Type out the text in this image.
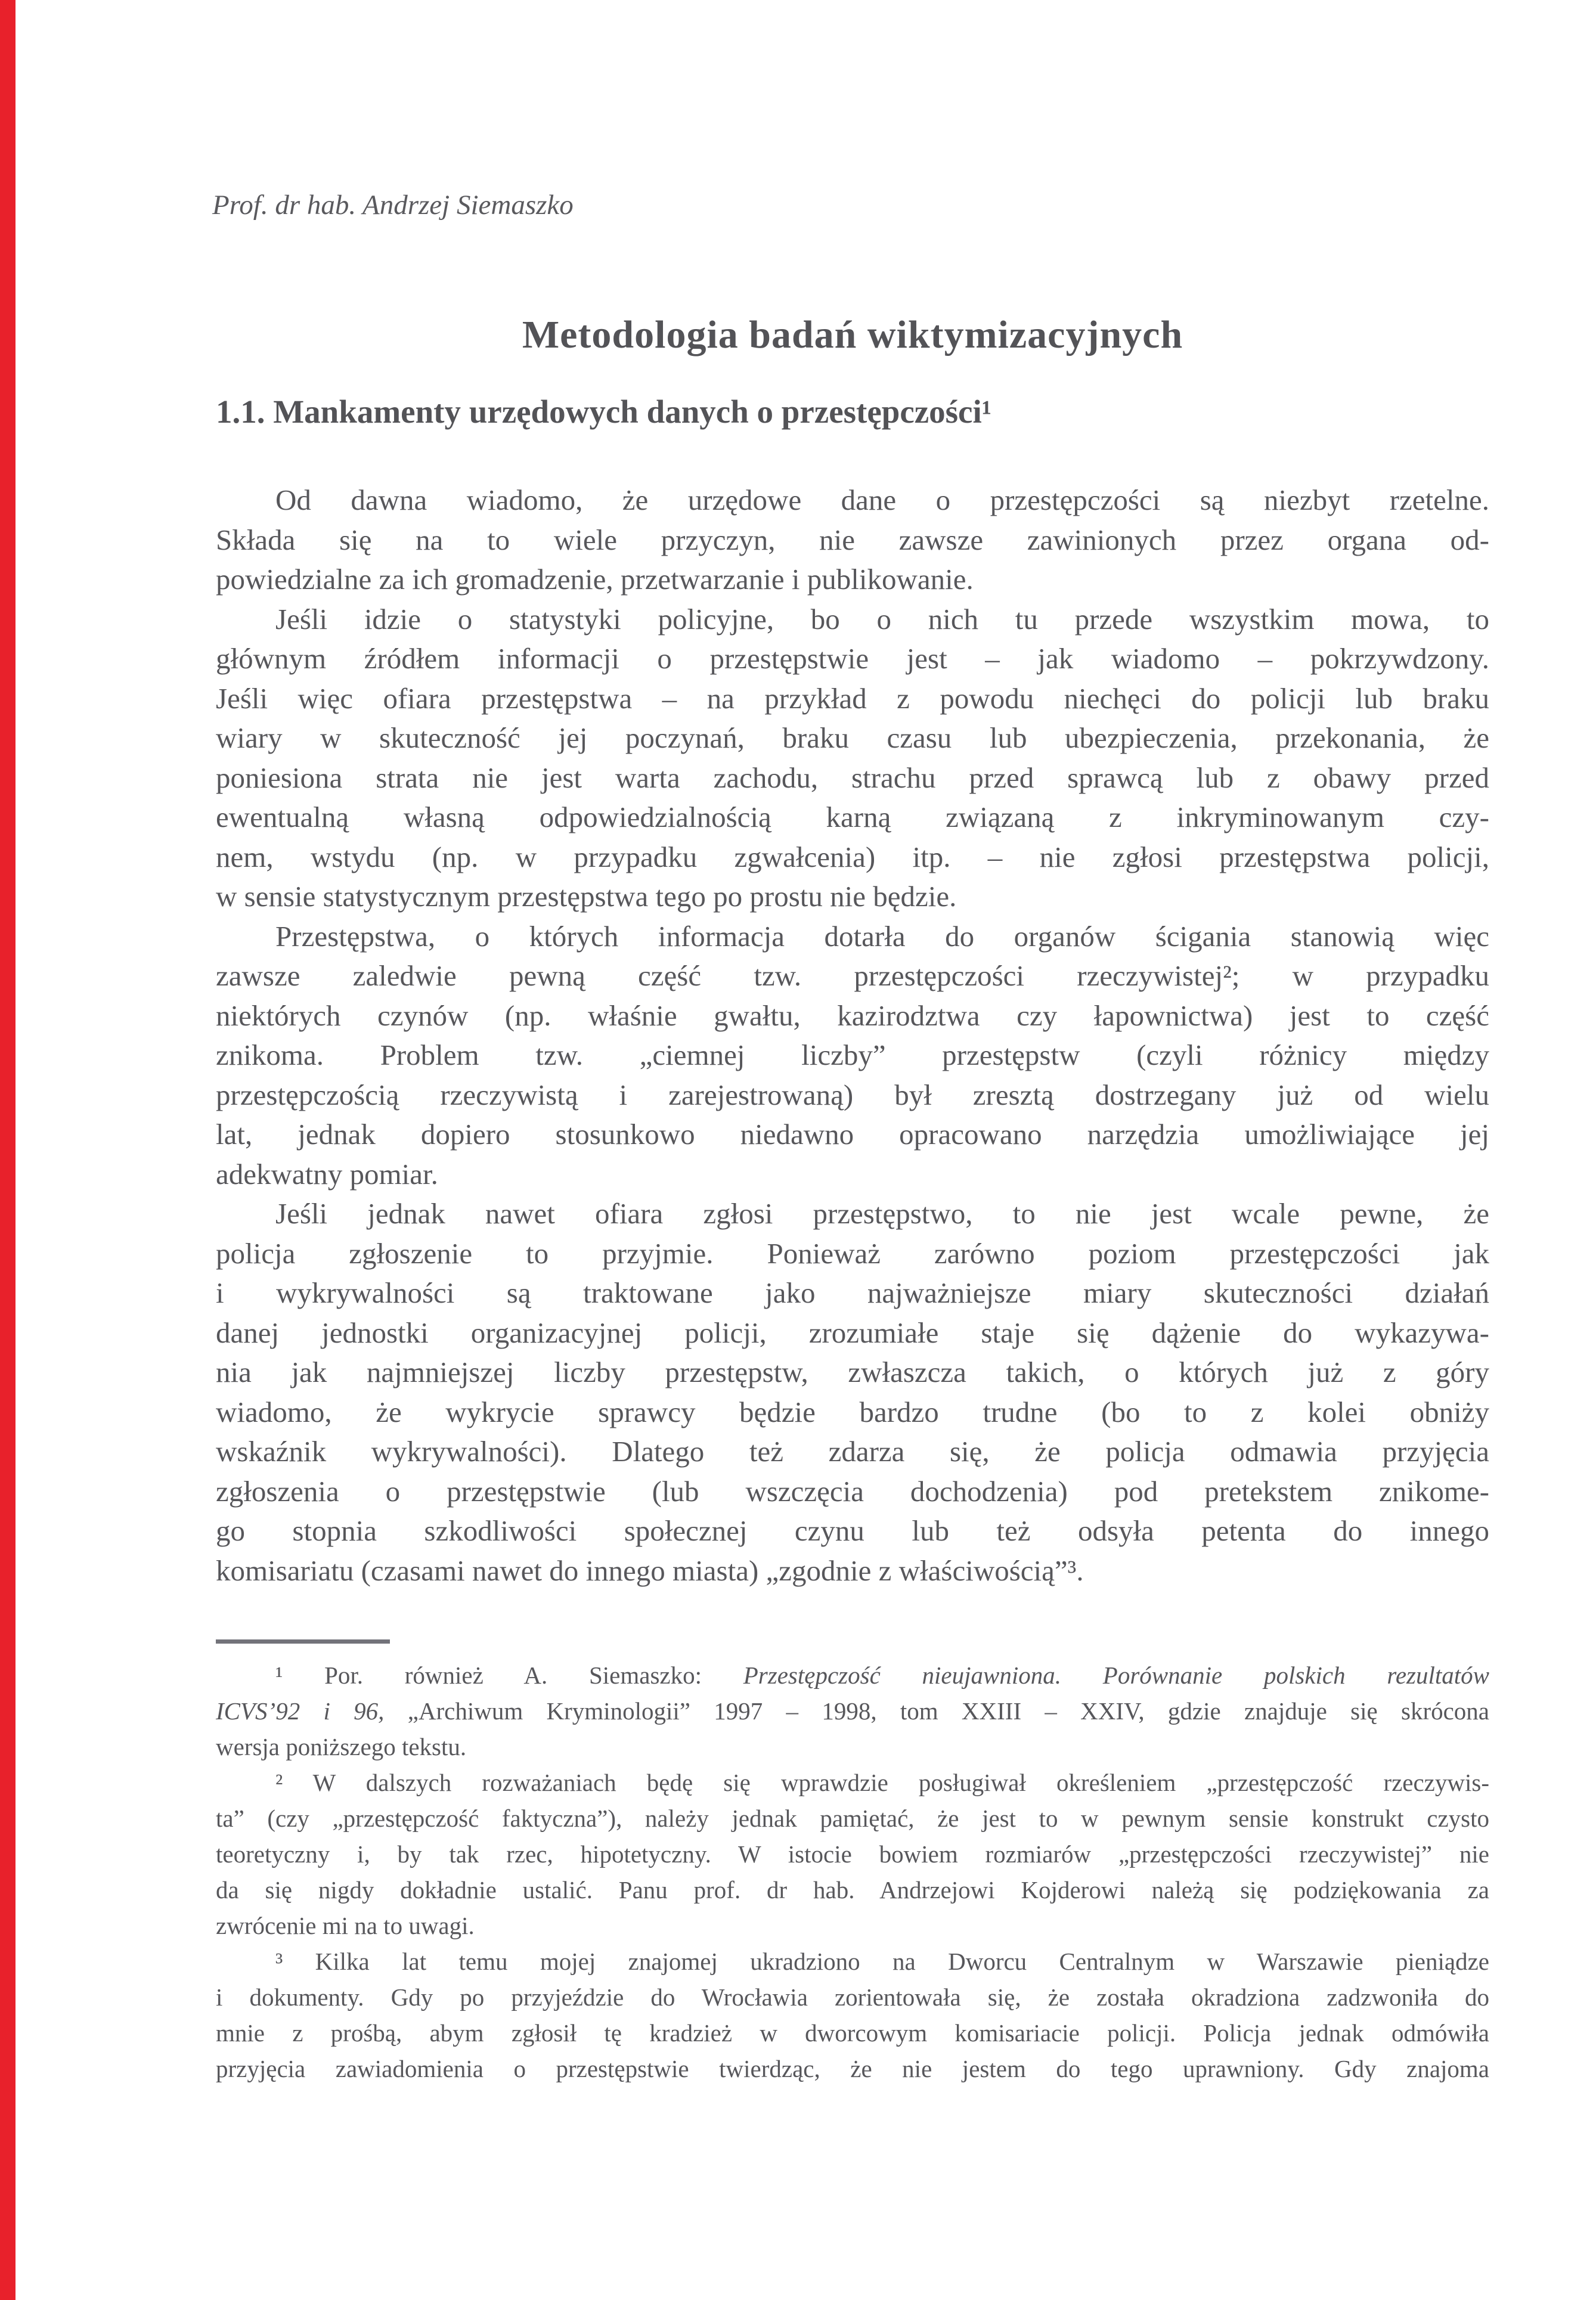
Prof. dr hab. Andrzej Siemaszko
Metodologia badań wiktymizacyjnych
1.1. Mankamenty urzędowych danych o przestępczości¹
Od dawna wiadomo, że urzędowe dane o przestępczości są niezbyt rzetelne.
Składa się na to wiele przyczyn, nie zawsze zawinionych przez organa od-
powiedzialne za ich gromadzenie, przetwarzanie i publikowanie.
Jeśli idzie o statystyki policyjne, bo o nich tu przede wszystkim mowa, to
głównym źródłem informacji o przestępstwie jest – jak wiadomo – pokrzywdzony.
Jeśli więc ofiara przestępstwa – na przykład z powodu niechęci do policji lub braku
wiary w skuteczność jej poczynań, braku czasu lub ubezpieczenia, przekonania, że
poniesiona strata nie jest warta zachodu, strachu przed sprawcą lub z obawy przed
ewentualną własną odpowiedzialnością karną związaną z inkryminowanym czy-
nem, wstydu (np. w przypadku zgwałcenia) itp. – nie zgłosi przestępstwa policji,
w sensie statystycznym przestępstwa tego po prostu nie będzie.
Przestępstwa, o których informacja dotarła do organów ścigania stanowią więc
zawsze zaledwie pewną część tzw. przestępczości rzeczywistej²; w przypadku
niektórych czynów (np. właśnie gwałtu, kazirodztwa czy łapownictwa) jest to część
znikoma. Problem tzw. „ciemnej liczby” przestępstw (czyli różnicy między
przestępczością rzeczywistą i zarejestrowaną) był zresztą dostrzegany już od wielu
lat, jednak dopiero stosunkowo niedawno opracowano narzędzia umożliwiające jej
adekwatny pomiar.
Jeśli jednak nawet ofiara zgłosi przestępstwo, to nie jest wcale pewne, że
policja zgłoszenie to przyjmie. Ponieważ zarówno poziom przestępczości jak
i wykrywalności są traktowane jako najważniejsze miary skuteczności działań
danej jednostki organizacyjnej policji, zrozumiałe staje się dążenie do wykazywa-
nia jak najmniejszej liczby przestępstw, zwłaszcza takich, o których już z góry
wiadomo, że wykrycie sprawcy będzie bardzo trudne (bo to z kolei obniży
wskaźnik wykrywalności). Dlatego też zdarza się, że policja odmawia przyjęcia
zgłoszenia o przestępstwie (lub wszczęcia dochodzenia) pod pretekstem znikome-
go stopnia szkodliwości społecznej czynu lub też odsyła petenta do innego
komisariatu (czasami nawet do innego miasta) „zgodnie z właściwością”³.
¹ Por. również A. Siemaszko: Przestępczość nieujawniona. Porównanie polskich rezultatów
ICVS’92 i 96, „Archiwum Kryminologii” 1997 – 1998, tom XXIII – XXIV, gdzie znajduje się skrócona
wersja poniższego tekstu.
² W dalszych rozważaniach będę się wprawdzie posługiwał określeniem „przestępczość rzeczywis-
ta” (czy „przestępczość faktyczna”), należy jednak pamiętać, że jest to w pewnym sensie konstrukt czysto
teoretyczny i, by tak rzec, hipotetyczny. W istocie bowiem rozmiarów „przestępczości rzeczywistej” nie
da się nigdy dokładnie ustalić. Panu prof. dr hab. Andrzejowi Kojderowi należą się podziękowania za
zwrócenie mi na to uwagi.
³ Kilka lat temu mojej znajomej ukradziono na Dworcu Centralnym w Warszawie pieniądze
i dokumenty. Gdy po przyjeździe do Wrocławia zorientowała się, że została okradziona zadzwoniła do
mnie z prośbą, abym zgłosił tę kradzież w dworcowym komisariacie policji. Policja jednak odmówiła
przyjęcia zawiadomienia o przestępstwie twierdząc, że nie jestem do tego uprawniony. Gdy znajoma
